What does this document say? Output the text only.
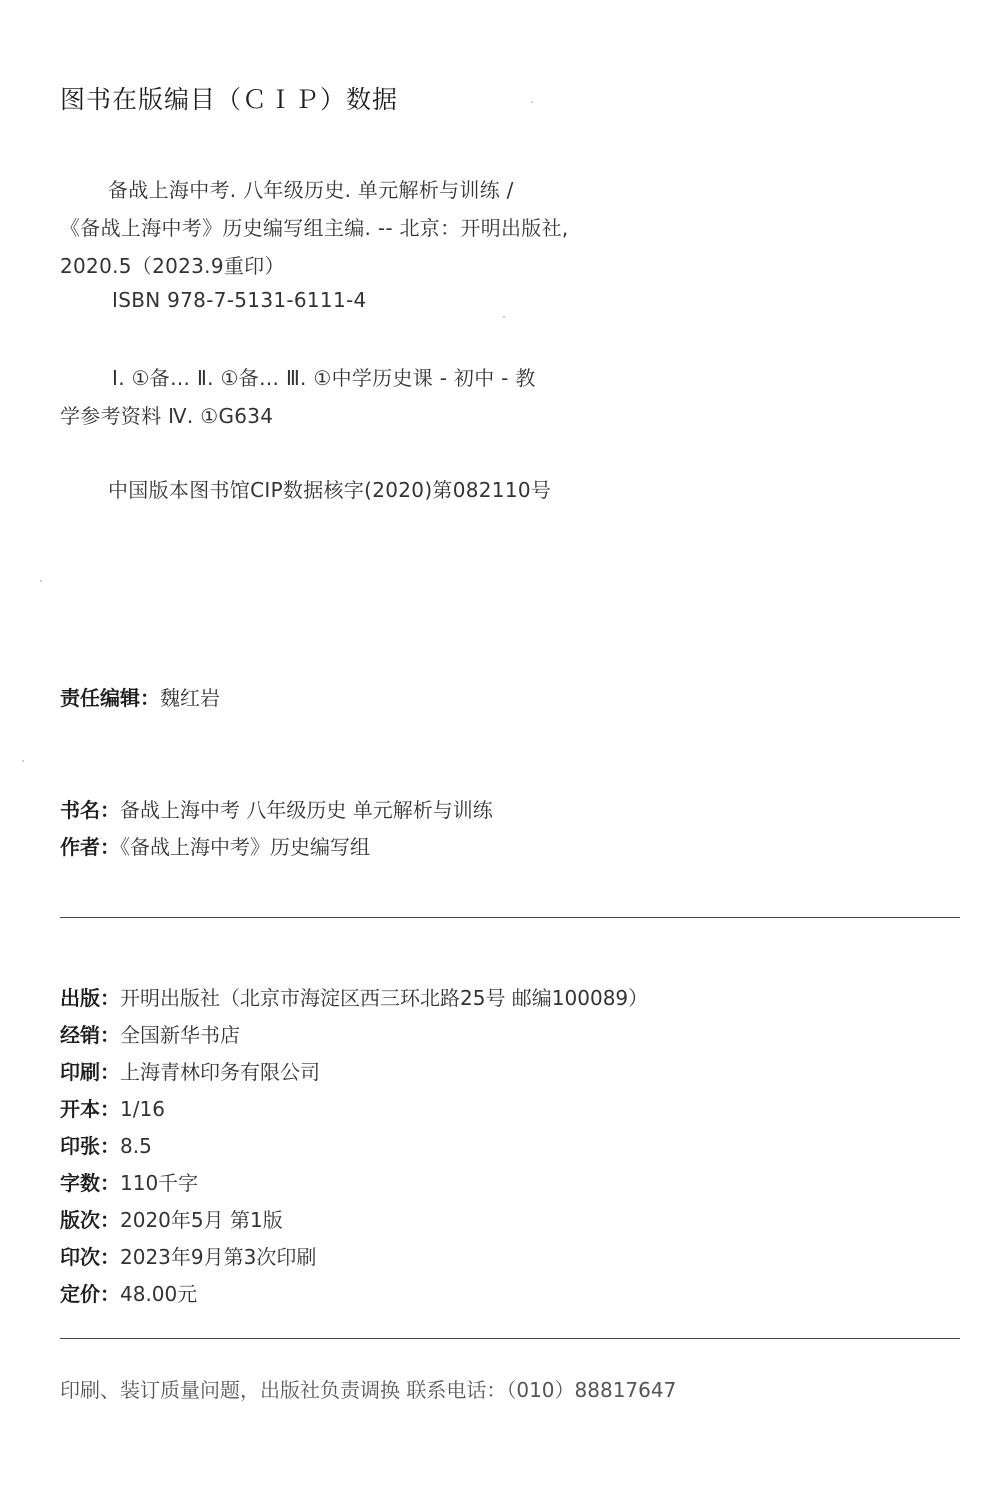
图书在版编目（ＣＩＰ）数据
备战上海中考. 八年级历史. 单元解析与训练 /
《备战上海中考》历史编写组主编. -- 北京：开明出版社,
2020.5（2023.9重印）
ISBN 978-7-5131-6111-4
Ⅰ. ①备… Ⅱ. ①备… Ⅲ. ①中学历史课 - 初中 - 教
学参考资料 Ⅳ. ①G634
中国版本图书馆CIP数据核字(2020)第082110号
责任编辑：魏红岩
书名：备战上海中考 八年级历史 单元解析与训练
作者：《备战上海中考》历史编写组
出版：开明出版社（北京市海淀区西三环北路25号 邮编100089）
经销：全国新华书店
印刷：上海青林印务有限公司
开本：1/16
印张：8.5
字数：110千字
版次：2020年5月 第1版
印次：2023年9月第3次印刷
定价：48.00元
印刷、装订质量问题，出版社负责调换 联系电话：（010）88817647
